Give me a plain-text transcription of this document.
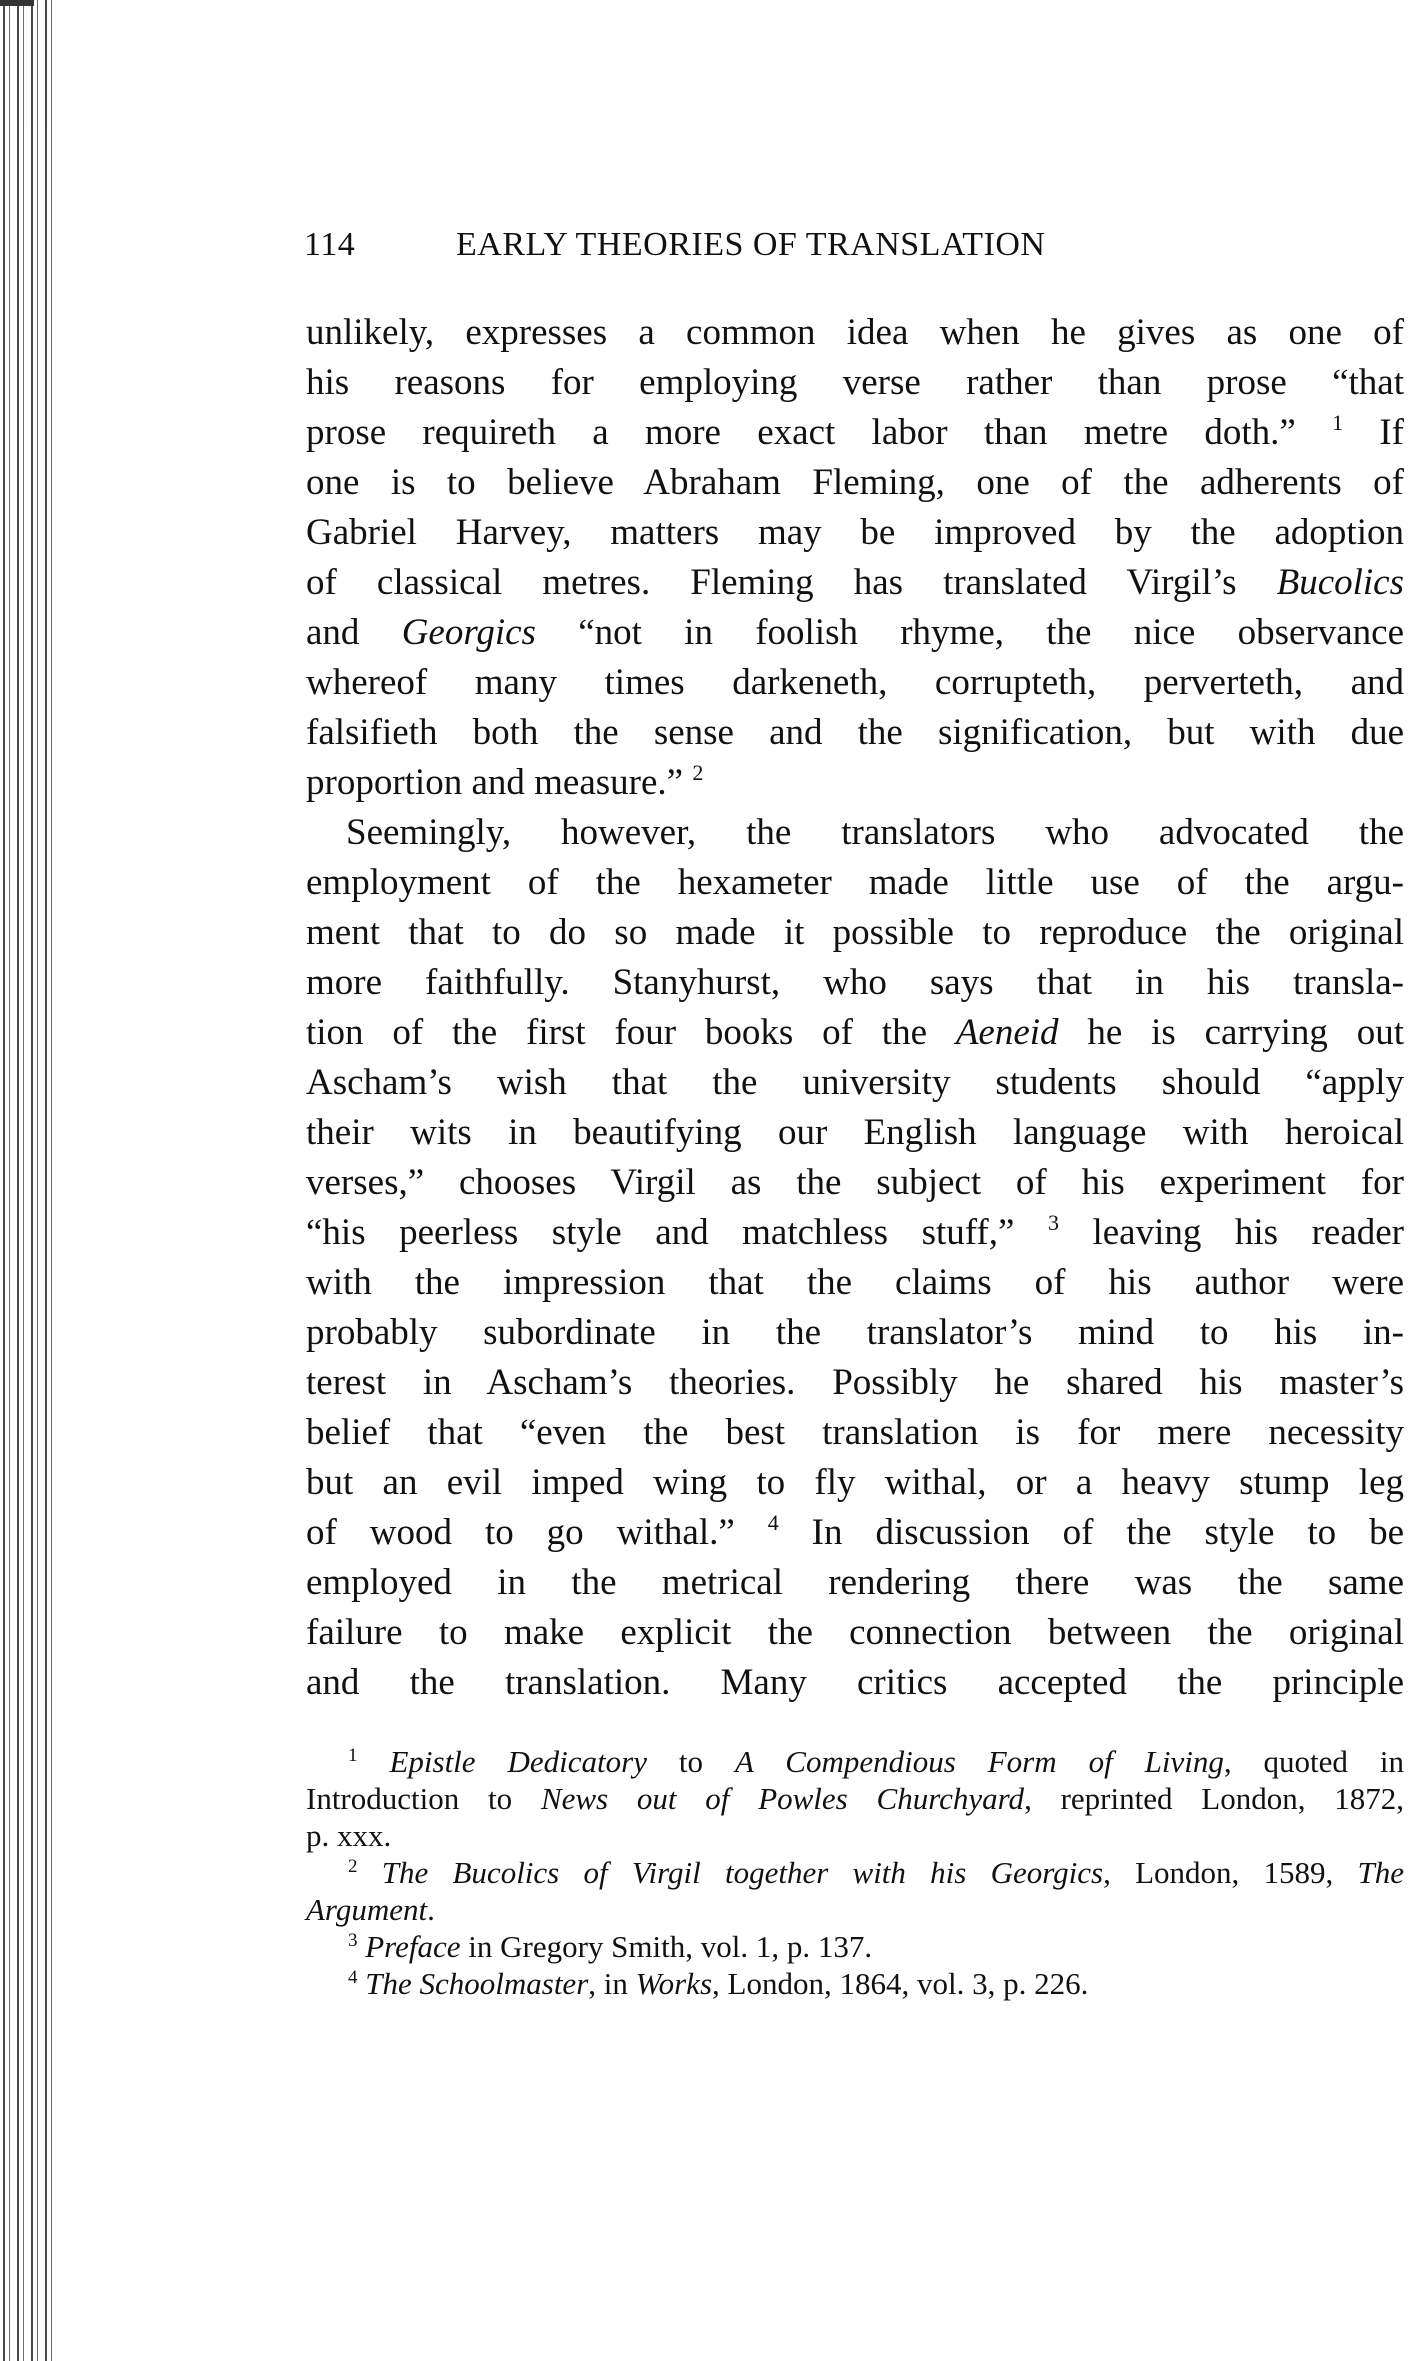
114	EARLY THEORIES OF TRANSLATION
unlikely, expresses a common idea when he gives as one of
his reasons for employing verse rather than prose “that
prose requireth a more exact labor than metre doth.” $^1$ If
one is to believe Abraham Fleming, one of the adherents of
Gabriel Harvey, matters may be improved by the adoption
of classical metres. Fleming has translated Virgil’s Bucolics
and Georgics “not in foolish rhyme, the nice observance
whereof many times darkeneth, corrupteth, perverteth, and
falsifieth both the sense and the signification, but with due
proportion and measure.” $^2$
Seemingly, however, the translators who advocated the
employment of the hexameter made little use of the argu-
ment that to do so made it possible to reproduce the original
more faithfully. Stanyhurst, who says that in his transla-
tion of the first four books of the Aeneid he is carrying out
Ascham’s wish that the university students should “apply
their wits in beautifying our English language with heroical
verses,” chooses Virgil as the subject of his experiment for
“his peerless style and matchless stuff,” $^3$ leaving his reader
with the impression that the claims of his author were
probably subordinate in the translator’s mind to his in-
terest in Ascham’s theories. Possibly he shared his master’s
belief that “even the best translation is for mere necessity
but an evil imped wing to fly withal, or a heavy stump leg
of wood to go withal.” $^4$ In discussion of the style to be
employed in the metrical rendering there was the same
failure to make explicit the connection between the original
and the translation. Many critics accepted the principle
$^1$ Epistle Dedicatory to A Compendious Form of Living, quoted in
Introduction to News out of Powles Churchyard, reprinted London, 1872,
p. xxx.
$^2$ The Bucolics of Virgil together with his Georgics, London, 1589, The
Argument.
$^3$ Preface in Gregory Smith, vol. 1, p. 137.
$^4$ The Schoolmaster, in Works, London, 1864, vol. 3, p. 226.
